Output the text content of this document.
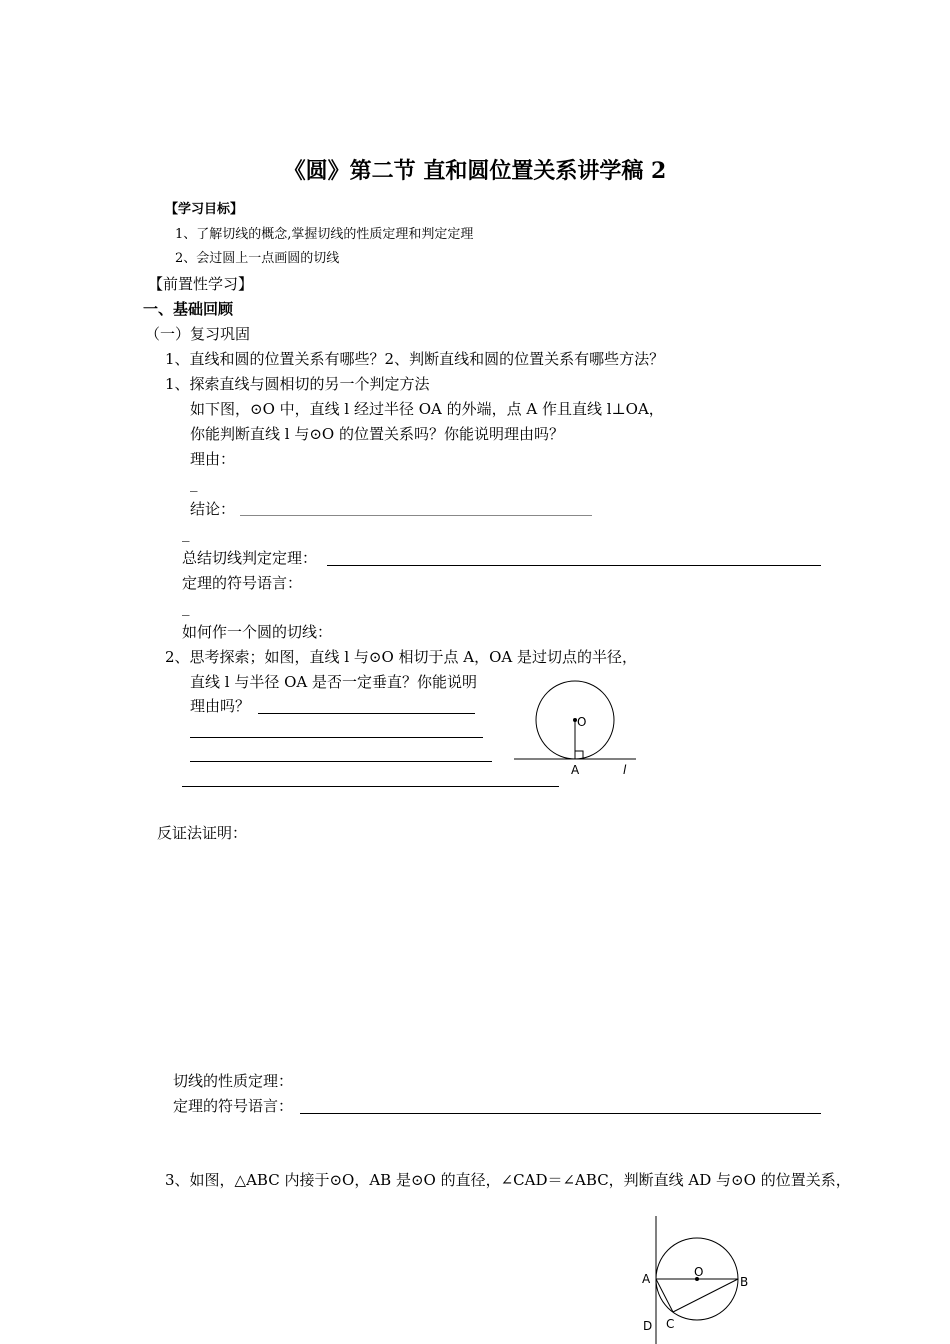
《圆》第二节 直和圆位置关系讲学稿 2
【学习目标】
1、了解切线的概念,掌握切线的性质定理和判定定理
2、会过圆上一点画圆的切线
【前置性学习】
一、基础回顾
（一）复习巩固
1、直线和圆的位置关系有哪些？2、判断直线和圆的位置关系有哪些方法？
1、探索直线与圆相切的另一个判定方法
如下图，⊙O 中，直线 l 经过半径 OA 的外端，点 A 作且直线 l⊥OA，
你能判断直线 l 与⊙O 的位置关系吗？你能说明理由吗？
理由：
_
结论：
_
总结切线判定定理：
定理的符号语言：
_
如何作一个圆的切线：
2、思考探索；如图，直线 l 与⊙O 相切于点 A，OA 是过切点的半径，
直线 l 与半径 OA 是否一定垂直？你能说明
理由吗？
O
A	l
反证法证明：
切线的性质定理：
定理的符号语言：
3、如图，△ABC 内接于⊙O，AB 是⊙O 的直径，∠CAD＝∠ABC，判断直线 AD 与⊙O 的位置关系，
A	O
B
C
D
